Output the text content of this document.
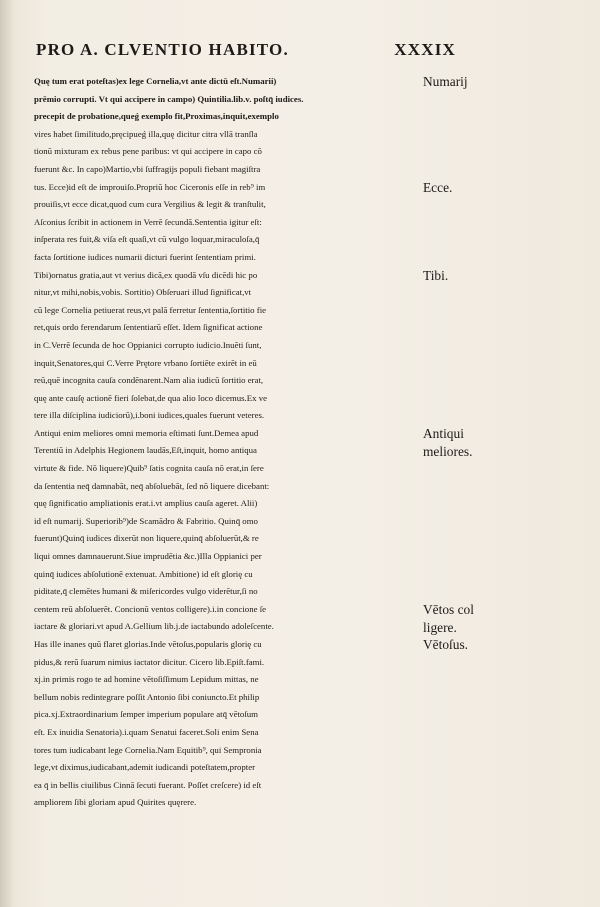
PRO A. CLVENTIO HABITO.	XXXIX
Quę tum erat poteſtas)ex lege Cornelia,vt ante dictū eſt.Numarii)
prēmio corrupti. Vt qui accipere in campo) Quintilia.lib.v. poſtq̄ iudices.
precepit de probatione,queǵ exemplo fit,Proximas,inquit,exemplo
vires habet ſimilitudo,pręcipueǵ illa,quę dicitur citra vllā tranſla
tionū mixturam ex rebus pene paribus: vt qui accipere in capo cō
fuerunt &c. In capo)Martio,vbi ſuffragijs populi fiebant magiſtra
tus. Ecce)id eſt de improuiſo.Propriū hoc Ciceronis eſſe in reb⁹ im
prouiſis,vt ecce dicat,quod cum cura Vergilius & legit & tranſtulit,
Aſconius ſcribit in actionem in Verrē ſecundā.Sententia igitur eſt:
inſperata res fuit,& viſa eſt quaſi,vt cū vulgo loquar,miraculoſa,q̄
facta ſortitione iudices numarii dicturi fuerint ſententiam primi.
Tibi)ornatus gratia,aut vt verius dicā,ex quodā vſu dicēdi hic po
nitur,vt mihi,nobis,vobis. Sortitio) Obſeruari illud ſignificat,vt
cū lege Cornelia petiuerat reus,vt palā ferretur ſententia,ſortitio fie
ret,quis ordo ferendarum ſententiarū eſſet. Idem ſignificat actione
in C.Verrē ſecunda de hoc Oppianici corrupto iudicio.Inuēti ſunt,
inquit,Senatores,qui C.Verre Prętore vrbano ſortiēte exirēt in eū
reū,quē incognita cauſa condēnarent.Nam alia iudicū ſortitio erat,
quę ante cauſę actionē fieri ſolebat,de qua alio loco dicemus.Ex ve
tere illa diſciplina iudiciorū),i.boni iudices,quales fuerunt veteres.
Antiqui enim meliores omni memoria eſtimati ſunt.Demea apud
Terentiū in Adelphis Hegionem laudās,Eſt,inquit, homo antiqua
virtute & fide. Nō liquere)Quib⁹ ſatis cognita cauſa nō erat,in ſere
da ſententia neq̄ damnabāt, neq̄ abſoluebāt, ſed nō liquere dicebant:
quę ſignificatio ampliationis erat.i.vt amplius cauſa ageret. Alii)
id eſt numarij. Superiorib⁹)de Scamādro & Fabritio. Quinq̄ omo
fuerunt)Quinq̄ iudices dixerūt non liquere,quinq̄ abſoluerūt,& re
liqui omnes damnauerunt.Siue imprudētia &c.)Illa Oppianici per
quinq̄ iudices abſolutionē extenuat. Ambitione) id eſt glorię cu
piditate,q̄ clemētes humani & miſericordes vulgo viderētur,ſi no
centem reū abſoluerēt. Concionū ventos colligere).i.in concione ſe
iactare & gloriari.vt apud A.Gellium lib.j.de iactabundo adoleſcente.
Has ille inanes quū flaret glorias.Inde vētoſus,popularis glorię cu
pidus,& rerū ſuarum nimius iactator dicitur. Cicero lib.Epiſt.fami.
xj.in primis rogo te ad homine vētoſiſſimum Lepidum mittas, ne
bellum nobis redintegrare poſſit Antonio ſibi coniuncto.Et philip
pica.xj.Extraordinarium ſemper imperium populare atq̄ vētoſum
eſt. Ex inuidia Senatoria).i.quam Senatui faceret.Soli enim Sena
tores tum iudicabant lege Cornelia.Nam Equitib⁹, qui Sempronia
lege,vt diximus,iudicabant,ademit iudicandi poteſtatem,propter
ea q̄ in bellis ciuilibus Cinnā ſecuti fuerant. Poſſet creſcere) id eſt
ampliorem ſibi gloriam apud Quirites quęrere.
Numarij
Ecce.
Tibi.
Antiqui
meliores.
Vētos col
ligere.
Vētoſus.
